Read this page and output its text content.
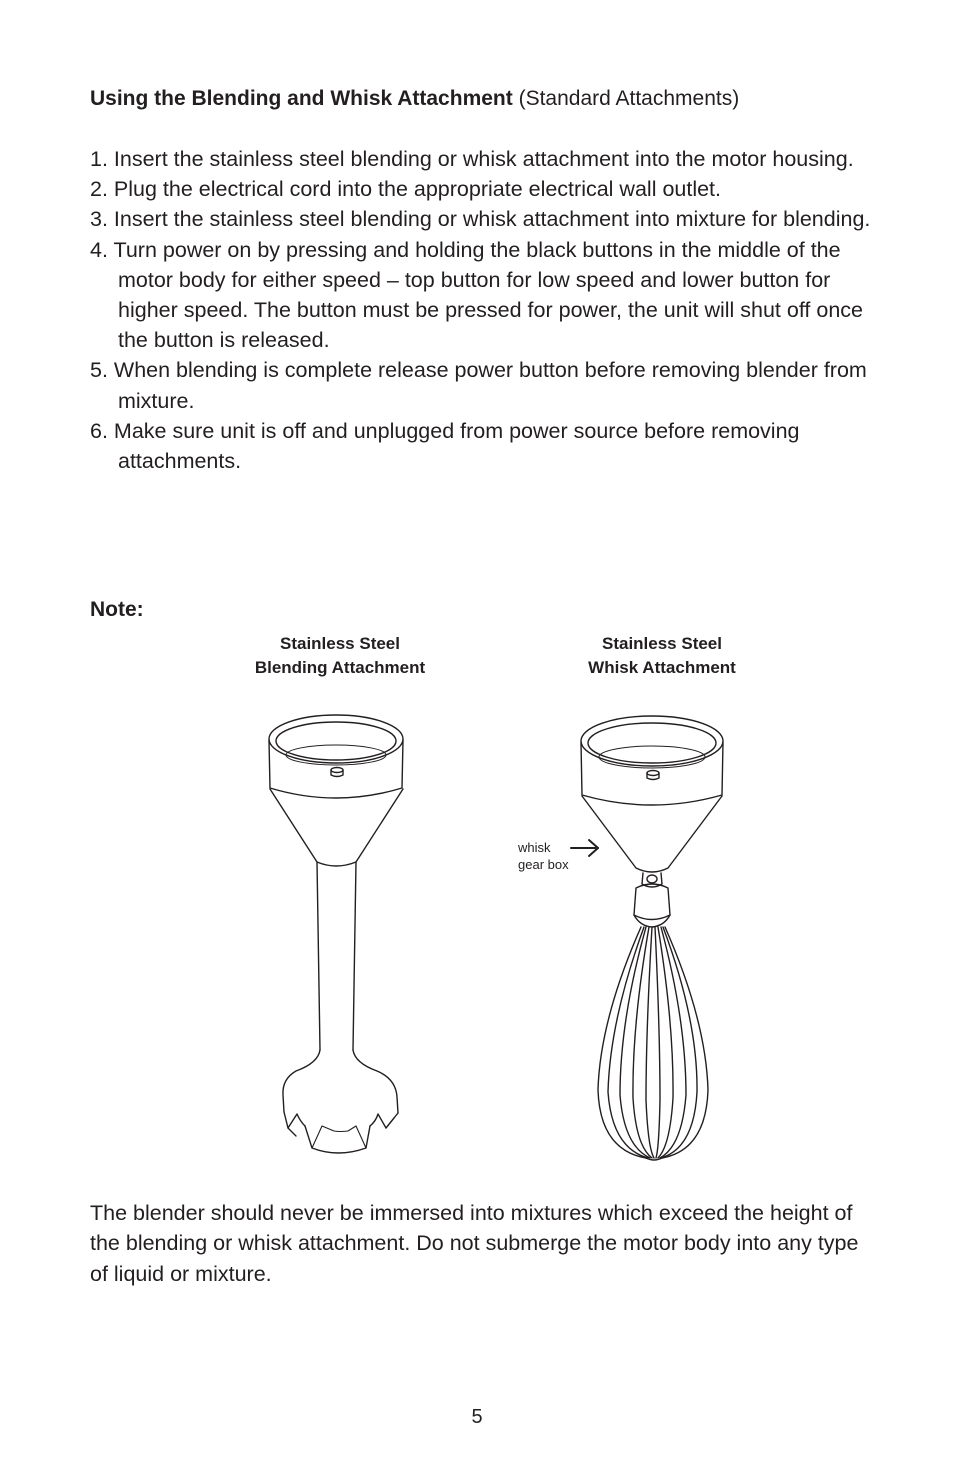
Using the Blending and Whisk Attachment (Standard Attachments)
1. Insert the stainless steel blending or whisk attachment into the motor housing.
2. Plug the electrical cord into the appropriate electrical wall outlet.
3. Insert the stainless steel blending or whisk attachment into mixture for blending.
4. Turn power on by pressing and holding the black buttons in the middle of the motor body for either speed – top button for low speed and lower button for higher speed. The button must be pressed for power, the unit will shut off once the button is released.
5. When blending is complete release power button before removing blender from mixture.
6. Make sure unit is off and unplugged from power source before removing attachments.
Note:
Stainless Steel
Blending Attachment
Stainless Steel
Whisk Attachment
whisk
gear box

The blender should never be immersed into mixtures which exceed the height of the blending or whisk attachment. Do not submerge the motor body into any type of liquid or mixture.

5
